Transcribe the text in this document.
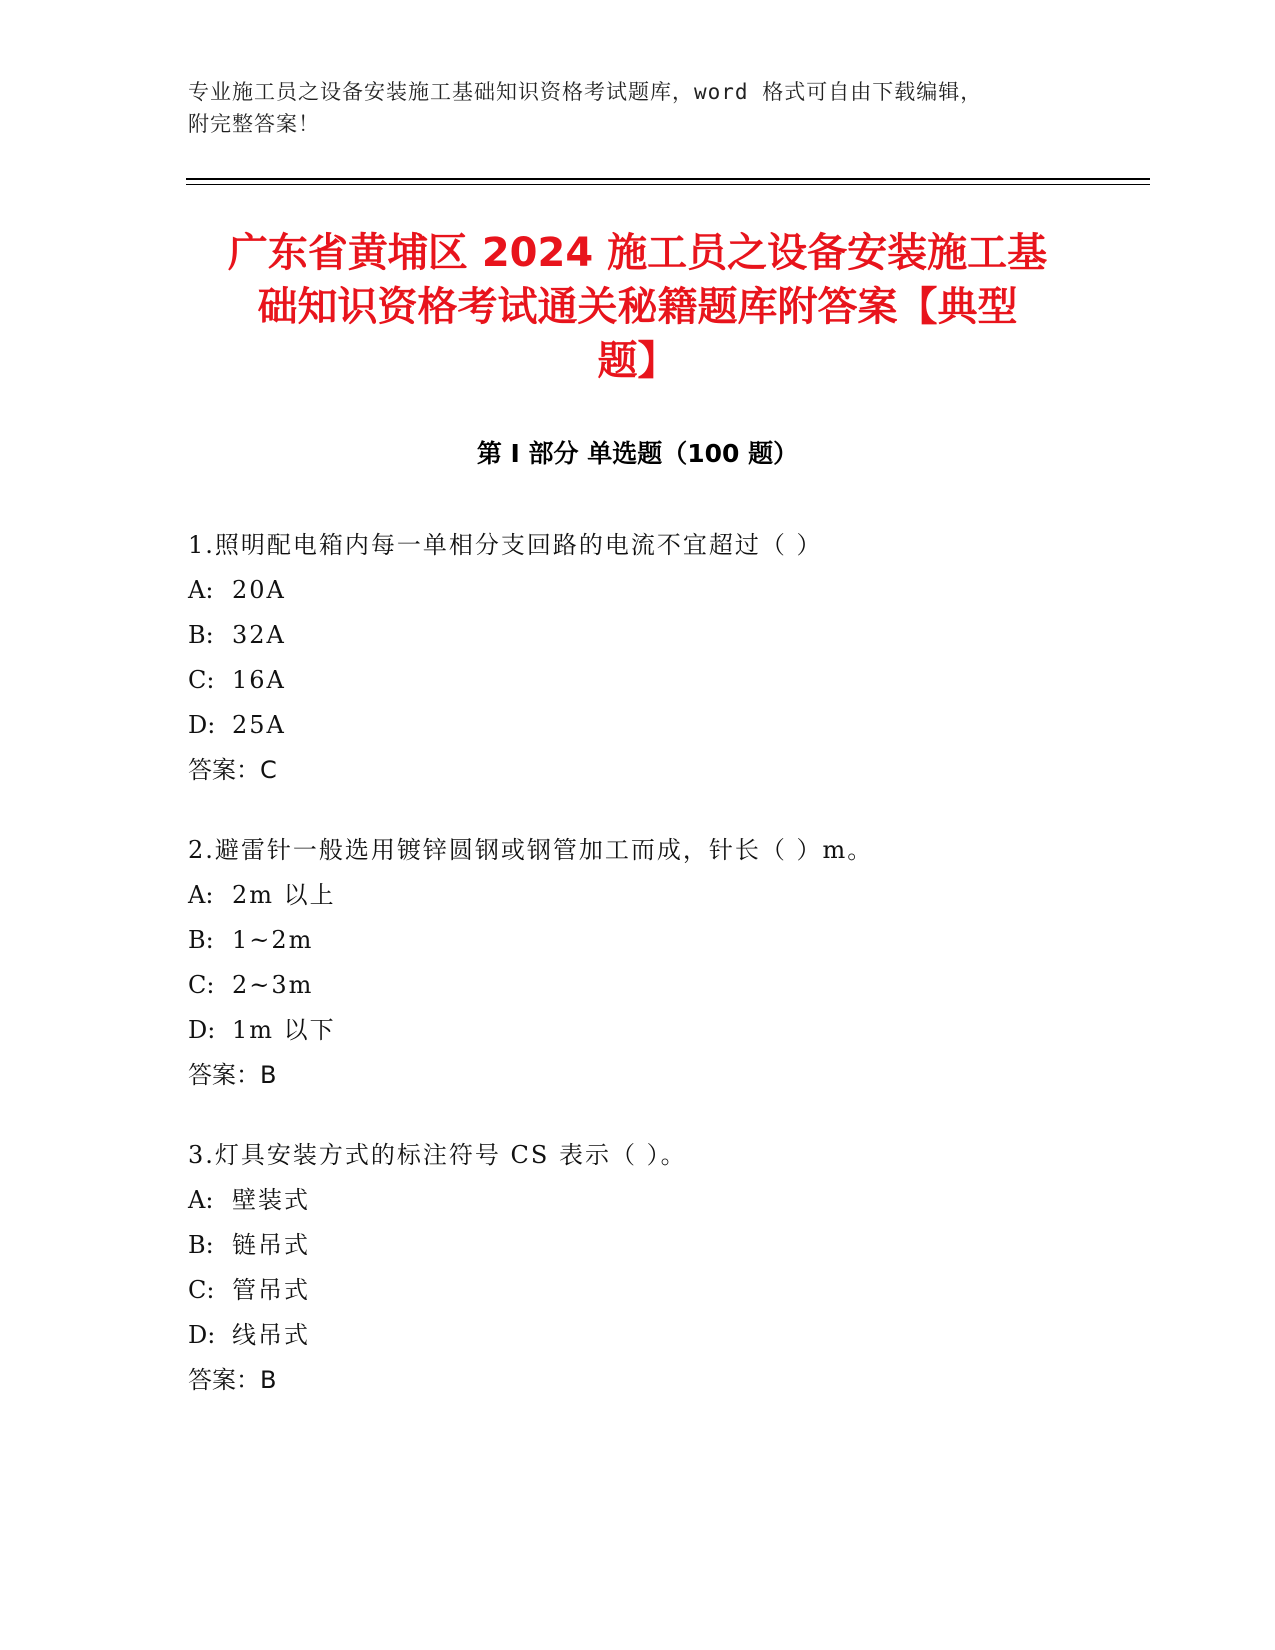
专业施工员之设备安装施工基础知识资格考试题库，word 格式可自由下载编辑，
附完整答案！
广东省黄埔区 2024 施工员之设备安装施工基
础知识资格考试通关秘籍题库附答案【典型
题】
第 I 部分 单选题（100 题）
1.照明配电箱内每一单相分支回路的电流不宜超过（ ）
A: 20A
B: 32A
C: 16A
D: 25A
答案：C
2.避雷针一般选用镀锌圆钢或钢管加工而成，针长（ ）m。
A: 2m 以上
B: 1~2m
C: 2~3m
D: 1m 以下
答案：B
3.灯具安装方式的标注符号 CS 表示（ ）。
A: 壁装式
B: 链吊式
C: 管吊式
D: 线吊式
答案：B
